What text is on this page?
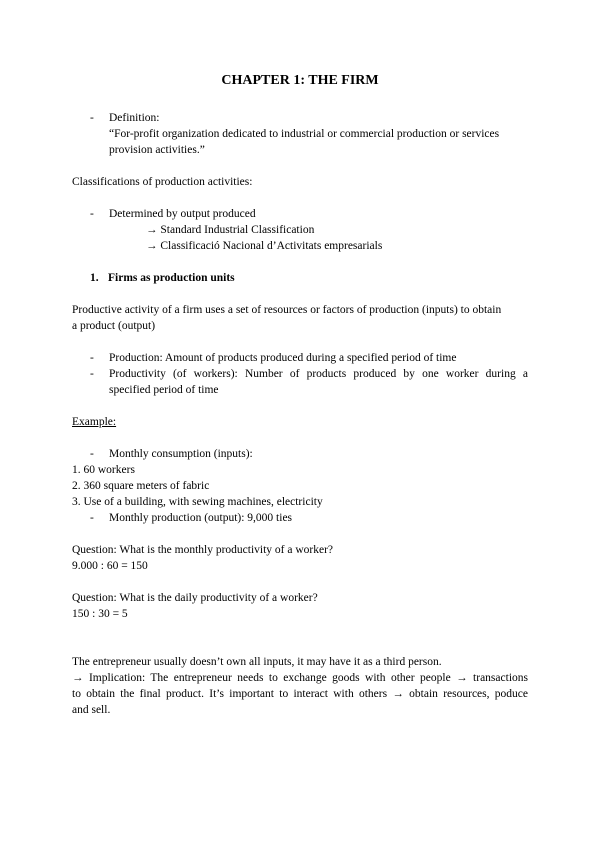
CHAPTER 1: THE FIRM
- Definition:
“For-profit organization dedicated to industrial or commercial production or services
provision activities.”
Classifications of production activities:
- Determined by output produced
→ Standard Industrial Classification
→ Classificació Nacional d’Activitats empresarials
1. Firms as production units
Productive activity of a firm uses a set of resources or factors of production (inputs) to obtain
a product (output)
- Production: Amount of products produced during a specified period of time
- Productivity (of workers): Number of products produced by one worker during a
specified period of time
Example:
- Monthly consumption (inputs):
1. 60 workers
2. 360 square meters of fabric
3. Use of a building, with sewing machines, electricity
- Monthly production (output): 9,000 ties
Question: What is the monthly productivity of a worker?
9.000 : 60 = 150
Question: What is the daily productivity of a worker?
150 : 30 = 5
The entrepreneur usually doesn’t own all inputs, it may have it as a third person.
→ Implication: The entrepreneur needs to exchange goods with other people → transactions
to obtain the final product. It’s important to interact with others → obtain resources, poduce
and sell.
